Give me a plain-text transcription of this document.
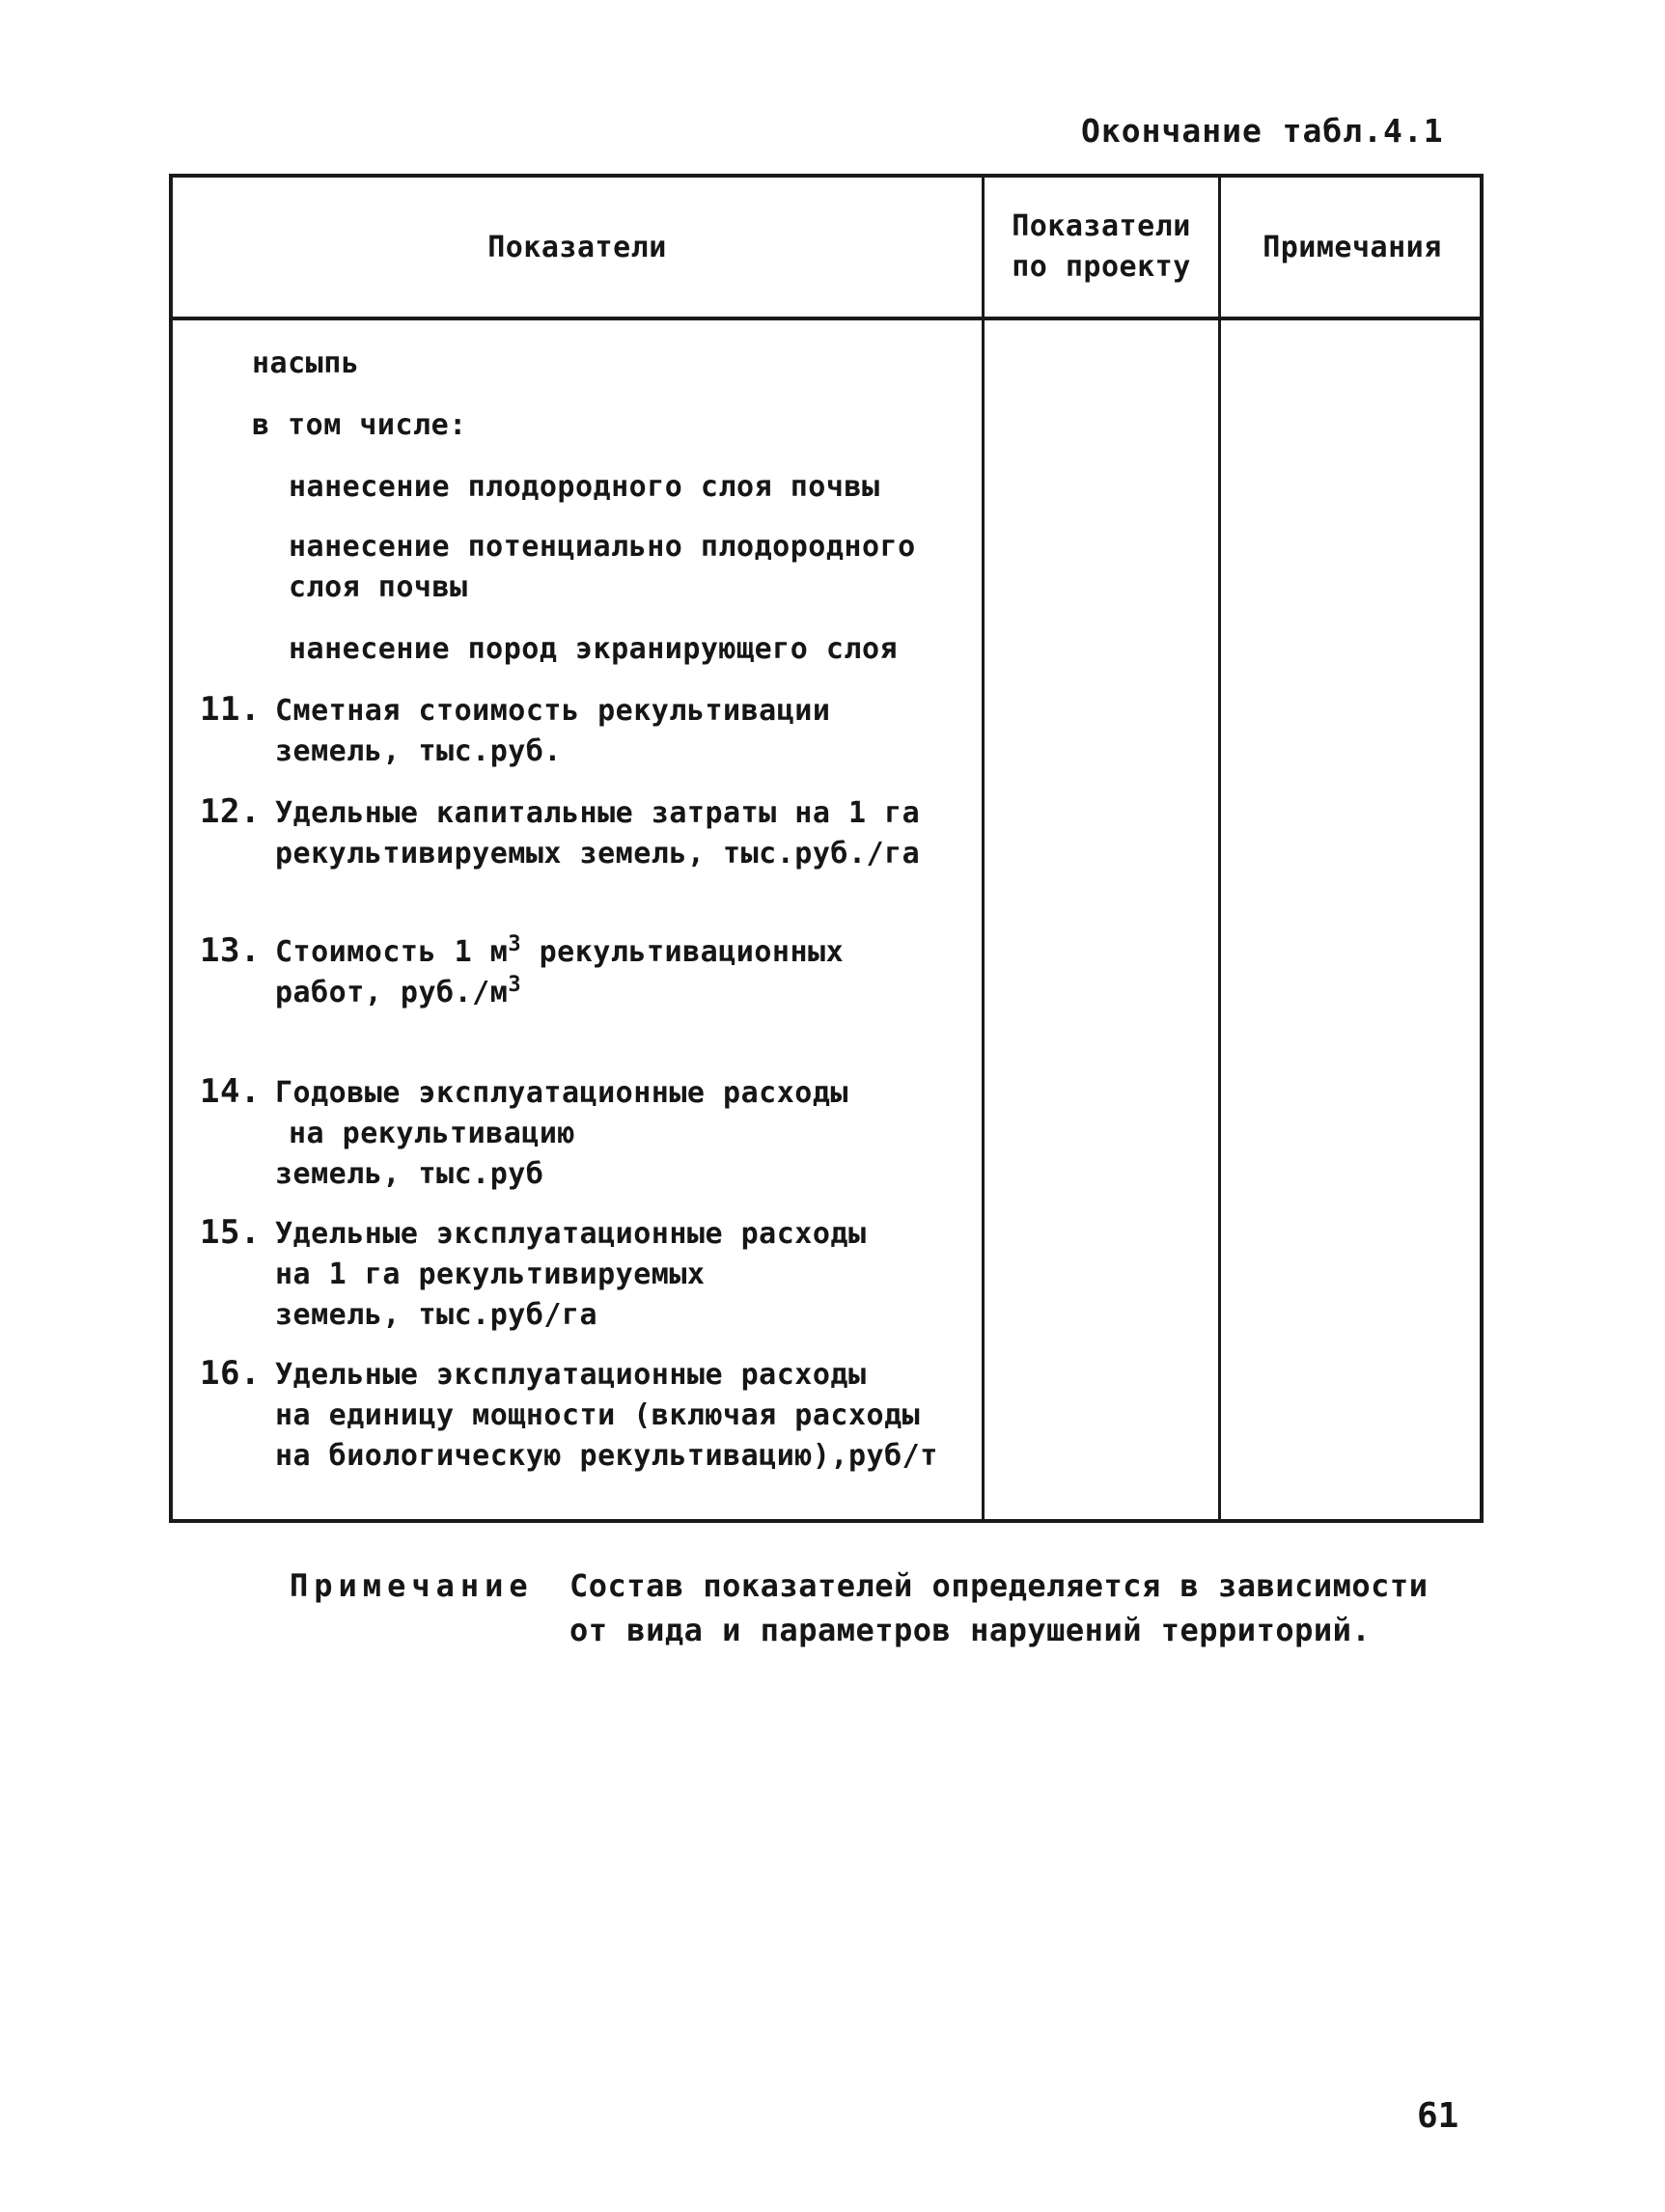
Окончание табл.4.1
Показатели
Показатели
по проекту
Примечания
насыпь
в том числе:
нанесение плодородного слоя почвы
нанесение потенциально плодородного
слоя почвы
нанесение пород экранирующего слоя
11. Сметная стоимость рекультивации
земель, тыс.руб.
12. Удельные капитальные затраты на 1 га
рекультивируемых земель, тыс.руб./га
13. Стоимость 1 $м^3$ рекультивационных
работ, $руб./м^3$
14. Годовые эксплуатационные расходы
на рекультивацию
земель, тыс.руб
15. Удельные эксплуатационные расходы
на 1 га рекультивируемых
земель, тыс.руб/га
16. Удельные эксплуатационные расходы
на единицу мощности (включая расходы
на биологическую рекультивацию),руб/т
Примечание Состав показателей определяется в зависимости
от вида и параметров нарушений территорий.
61
